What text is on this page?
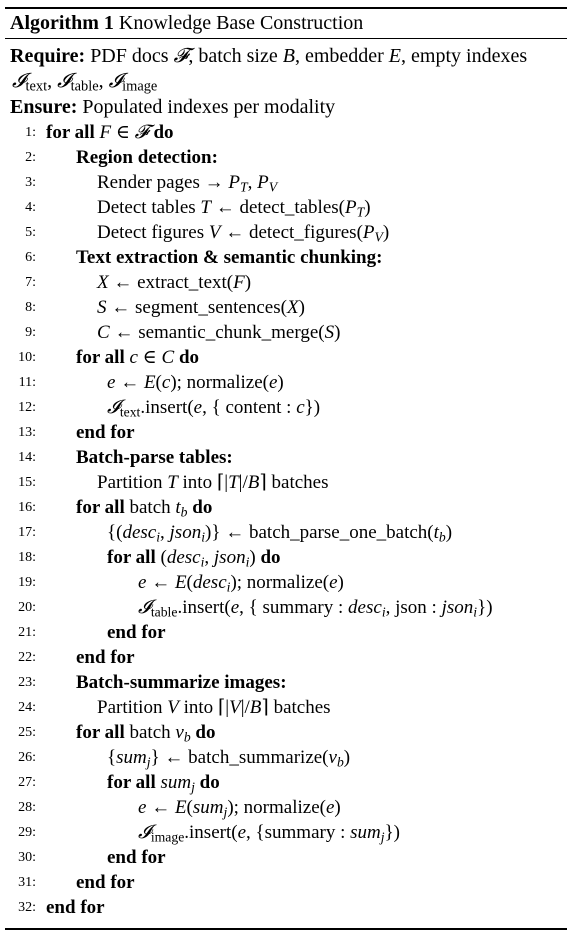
Algorithm 1 Knowledge Base Construction
Require: PDF docs 𝓕, batch size B, embedder E, empty indexes
𝓘$_{text}$, 𝓘$_{table}$, 𝓘$_{image}$
Ensure: Populated indexes per modality
1: for all F ∈ 𝓕 do
2: Region detection:
3:	Render pages → $P_T$, $P_V$
4:	Detect tables T ← $detect\_tables(P_T)$
5:	Detect figures V ← $detect\_figures(P_V)$
6: Text extraction & semantic chunking:
7:	X ← extract_text(F)
8:	S ← segment_sentences(X)
9:	C ← semantic_chunk_merge(S)
10: for all c ∈ C do
11:	e ← E(c); normalize(e)
12:	𝓘$_{text}$.insert(e, { content : c})
13: end for
14: Batch-parse tables:
15:	Partition T into ⌈|T|/B⌉ batches
16: for all batch $t_b$ do
17:	{(desc$_i$, json$_i$)} ← $batch\_parse\_one\_batch(t_b)$
18:	for all (desc$_i$, json$_i$) do
19:	e ← E(desc$_i$); normalize(e)
20:	𝓘$_{table}$.insert(e, { summary : desc$_i$, json : json$_i$})
21:	end for
22: end for
23: Batch-summarize images:
24:	Partition V into ⌈|V|/B⌉ batches
25: for all batch $v_b$ do
26:	{sum$_j$} ← $batch\_summarize(v_b)$
27:	for all sum$_j$ do
28:	e ← E(sum$_j$); normalize(e)
29:	𝓘$_{image}$.insert(e, {summary : sum$_j$})
30:	end for
31: end for
32: end for
